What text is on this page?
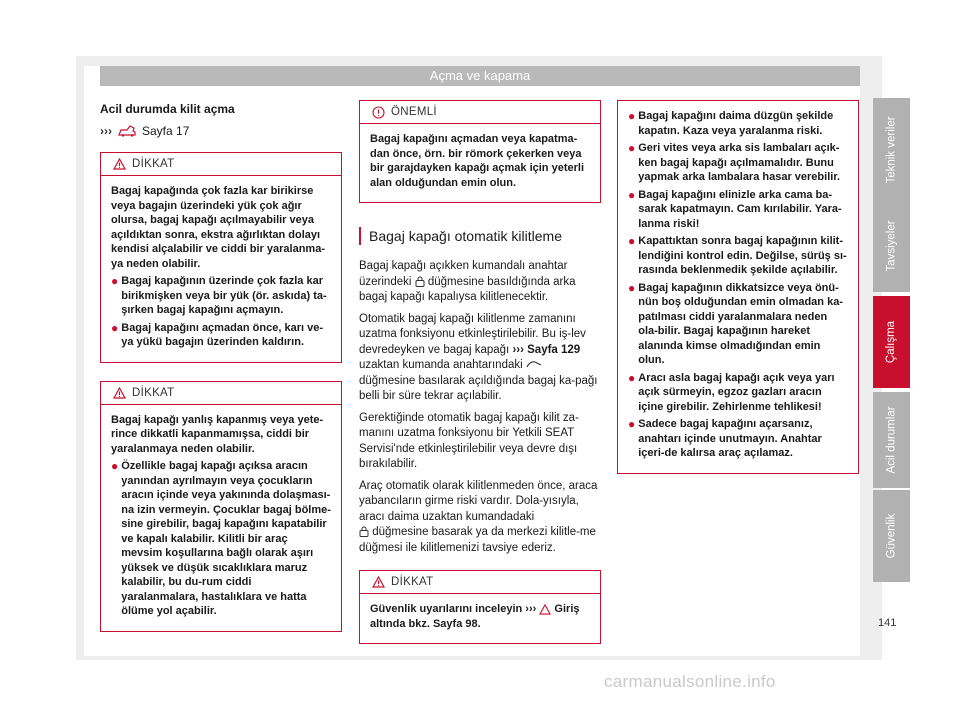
Açma ve kapama
Acil durumda kilit açma
›››	Sayfa 17
DİKKAT

Bagaj kapağında çok fazla kar birikirse veya bagajın üzerindeki yük çok ağır olursa, bagaj kapağı açılmayabilir veya açıldıktan sonra, ekstra ağırlıktan dolayı kendisi alçalabilir ve ciddi bir yaralanma-ya neden olabilir.

● Bagaj kapağının üzerinde çok fazla kar birikmişken veya bir yük (ör. askıda) ta-şırken bagaj kapağını açmayın.
● Bagaj kapağını açmadan önce, karı ve-ya yükü bagajın üzerinden kaldırın.
DİKKAT

Bagaj kapağı yanlış kapanmış veya yete-rince dikkatli kapanmamışsa, ciddi bir yaralanmaya neden olabilir.

● Özellikle bagaj kapağı açıksa aracın yanından ayrılmayın veya çocukların aracın içinde veya yakınında dolaşması-na izin vermeyin. Çocuklar bagaj bölme-sine girebilir, bagaj kapağını kapatabilir ve kapalı kalabilir. Kilitli bir araç mevsim koşullarına bağlı olarak aşırı yüksek ve düşük sıcaklıklara maruz kalabilir, bu du-rum ciddi yaralanmalara, hastalıklara ve hatta ölüme yol açabilir.
ÖNEMLİ

Bagaj kapağını açmadan veya kapatma-dan önce, örn. bir römork çekerken veya bir garajdayken kapağı açmak için yeterli alan olduğundan emin olun.

Bagaj kapağı otomatik kilitleme

Bagaj kapağı açıkken kumandalı anahtar üzerindeki düğmesine basıldığında arka bagaj kapağı kapalıysa kilitlenecektir.

Otomatik bagaj kapağı kilitlenme zamanını uzatma fonksiyonu etkinleştirilebilir. Bu iş-lev devredeyken ve bagaj kapağı ››› Sayfa 129 uzaktan kumanda anahtarındaki  düğmesine basılarak açıldığında bagaj ka-pağı belli bir süre tekrar açılabilir.

Gerektiğinde otomatik bagaj kapağı kilit za-manını uzatma fonksiyonu bir Yetkili SEAT Servisi'nde etkinleştirilebilir veya devre dışı bırakılabilir.

Araç otomatik olarak kilitlenmeden önce, araca yabancıların girme riski vardır. Dola-yısıyla, aracı daima uzaktan kumandadaki
düğmesine basarak ya da merkezi kilitle-me düğmesi ile kilitlemenizi tavsiye ederiz.

DİKKAT

Güvenlik uyarılarını inceleyin ››› Giriş altında bkz. Sayfa 98.

● Bagaj kapağını daima düzgün şekilde kapatın. Kaza veya yaralanma riski.
● Geri vites veya arka sis lambaları açık-ken bagaj kapağı açılmamalıdır. Bunu yapmak arka lambalara hasar verebilir.
● Bagaj kapağını elinizle arka cama ba-sarak kapatmayın. Cam kırılabilir. Yara-lanma riski!
● Kapattıktan sonra bagaj kapağının kilit-lendiğini kontrol edin. Değilse, sürüş sı-rasında beklenmedik şekilde açılabilir.
● Bagaj kapağının dikkatsizce veya önü-nün boş olduğundan emin olmadan ka-patılması ciddi yaralanmalara neden ola-bilir. Bagaj kapağının hareket alanında kimse olmadığından emin olun.
● Aracı asla bagaj kapağı açık veya yarı açık sürmeyin, egzoz gazları aracın içine girebilir. Zehirlenme tehlikesi!
● Sadece bagaj kapağını açarsanız, anahtarı içinde unutmayın. Anahtar içeri-de kalırsa araç açılamaz.
Teknik veriler
Tavsiyeler
Çalışma
Acil durumlar
Güvenlik
141
carmanualsonline.info
